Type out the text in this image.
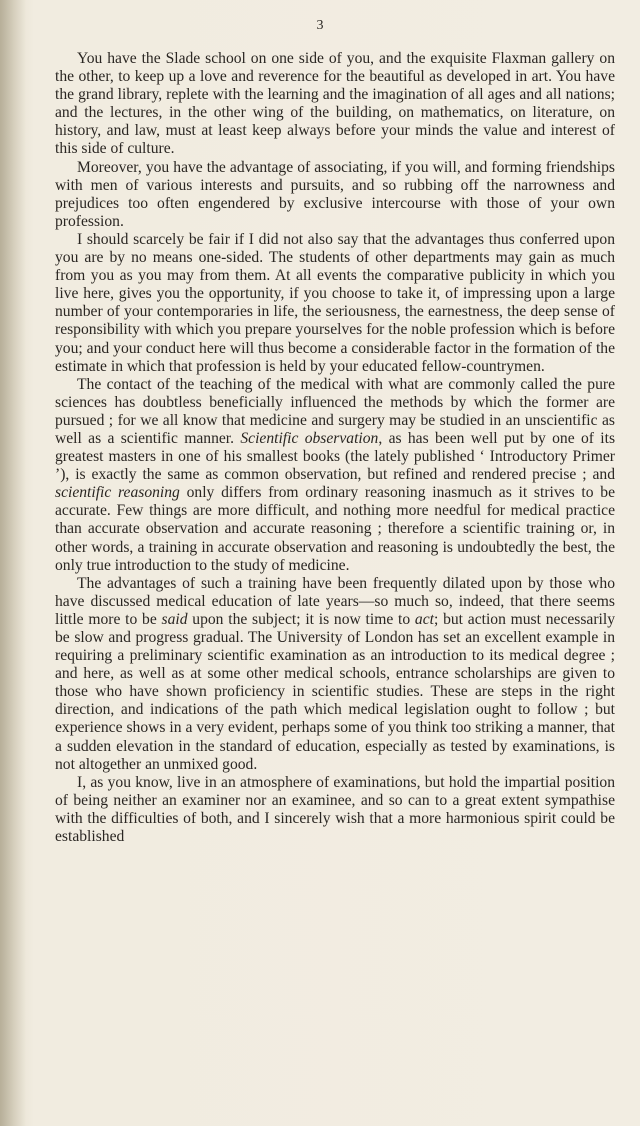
3

You have the Slade school on one side of you, and the exquisite Flaxman gallery on the other, to keep up a love and reverence for the beautiful as developed in art. You have the grand library, replete with the learning and the imagination of all ages and all nations; and the lectures, in the other wing of the building, on mathematics, on literature, on history, and law, must at least keep always before your minds the value and interest of this side of culture.

Moreover, you have the advantage of associating, if you will, and forming friendships with men of various interests and pursuits, and so rubbing off the narrowness and prejudices too often engendered by exclusive intercourse with those of your own profession.

I should scarcely be fair if I did not also say that the advantages thus conferred upon you are by no means one-sided. The students of other departments may gain as much from you as you may from them. At all events the comparative publicity in which you live here, gives you the opportunity, if you choose to take it, of impressing upon a large number of your contemporaries in life, the seriousness, the earnestness, the deep sense of responsibility with which you prepare yourselves for the noble profession which is before you; and your conduct here will thus become a considerable factor in the formation of the estimate in which that profession is held by your educated fellow-countrymen.

The contact of the teaching of the medical with what are commonly called the pure sciences has doubtless beneficially influenced the methods by which the former are pursued ; for we all know that medicine and surgery may be studied in an unscientific as well as a scientific manner. Scientific observation, as has been well put by one of its greatest masters in one of his smallest books (the lately published ‘ Introductory Primer ’), is exactly the same as common observation, but refined and rendered precise ; and scientific reasoning only differs from ordinary reasoning inasmuch as it strives to be accurate. Few things are more difficult, and nothing more needful for medical practice than accurate observation and accurate reasoning ; therefore a scientific training or, in other words, a training in accurate observation and reasoning is undoubtedly the best, the only true introduction to the study of medicine.

The advantages of such a training have been frequently dilated upon by those who have discussed medical education of late years—so much so, indeed, that there seems little more to be said upon the subject; it is now time to act; but action must necessarily be slow and progress gradual. The University of London has set an excellent example in requiring a preliminary scientific examination as an introduction to its medical degree ; and here, as well as at some other medical schools, entrance scholarships are given to those who have shown proficiency in scientific studies. These are steps in the right direction, and indications of the path which medical legislation ought to follow ; but experience shows in a very evident, perhaps some of you think too striking a manner, that a sudden elevation in the standard of education, especially as tested by examinations, is not altogether an unmixed good.

I, as you know, live in an atmosphere of examinations, but hold the impartial position of being neither an examiner nor an examinee, and so can to a great extent sympathise with the difficulties of both, and I sincerely wish that a more harmonious spirit could be established
